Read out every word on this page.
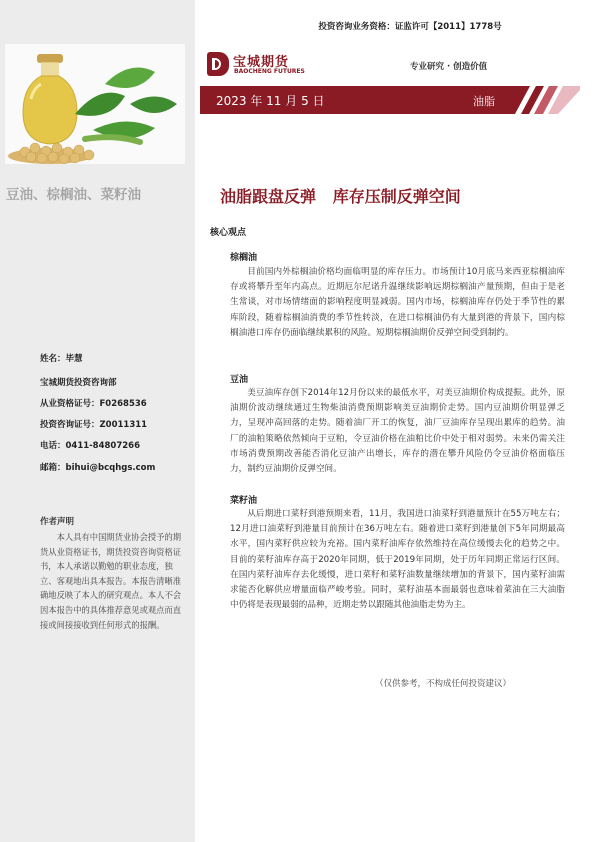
豆油、棕榈油、菜籽油
姓名：毕慧
宝城期货投资咨询部
从业资格证号：F0268536
投资咨询证号：Z0011311
电话：0411-84807266
邮箱：bihui@bcqhgs.com
作者声明
本人具有中国期货业协会授予的期货从业资格证书，期货投资咨询资格证书，本人承诺以勤勉的职业态度，独立、客观地出具本报告。本报告清晰准确地反映了本人的研究观点。本人不会因本报告中的具体推荐意见或观点而直接或间接接收到任何形式的报酬。
投资咨询业务资格：证监许可【2011】1778号
宝城期货
BAOCHENG FUTURES	专业研究 · 创造价值
2023 年 11 月 5 日	油脂
油脂跟盘反弹   库存压制反弹空间
核心观点
棕榈油
目前国内外棕榈油价格均面临明显的库存压力。市场预计10月底马来西亚棕榈油库存或将攀升至年内高点。近期厄尔尼诺升温继续影响远期棕榈油产量预期，但由于是老生常谈，对市场情绪面的影响程度明显减弱。国内市场，棕榈油库存仍处于季节性的累库阶段，随着棕榈油消费的季节性转淡，在进口棕榈油仍有大量到港的背景下，国内棕榈油港口库存仍面临继续累积的风险。短期棕榈油期价反弹空间受到制约。
豆油
美豆油库存创下2014年12月份以来的最低水平，对美豆油期价构成提振。此外，原油期价波动继续通过生物柴油消费预期影响美豆油期价走势。国内豆油期价明显弹乏力，呈现冲高回落的走势。随着油厂开工的恢复，油厂豆油库存呈现出累库的趋势。油厂的油粕策略依然倾向于豆粕，令豆油价格在油粕比价中处于相对弱势。未来仍需关注市场消费预期改善能否消化豆油产出增长，库存的潜在攀升风险仍令豆油价格面临压力，制约豆油期价反弹空间。
菜籽油
从后期进口菜籽到港预期来看，11月，我国进口油菜籽到港量预计在55万吨左右；12月进口油菜籽到港量目前预计在36万吨左右。随着进口菜籽到港量创下5年同期最高水平，国内菜籽供应较为充裕。国内菜籽油库存依然维持在高位缓慢去化的趋势之中。目前的菜籽油库存高于2020年同期，低于2019年同期，处于历年同期正常运行区间。在国内菜籽油库存去化缓慢，进口菜籽和菜籽油数量继续增加的背景下，国内菜籽油需求能否化解供应增量面临严峻考验。同时，菜籽油基本面最弱也意味着菜油在三大油脂中仍将是表现最弱的品种，近期走势以跟随其他油脂走势为主。
（仅供参考，不构成任何投资建议）
